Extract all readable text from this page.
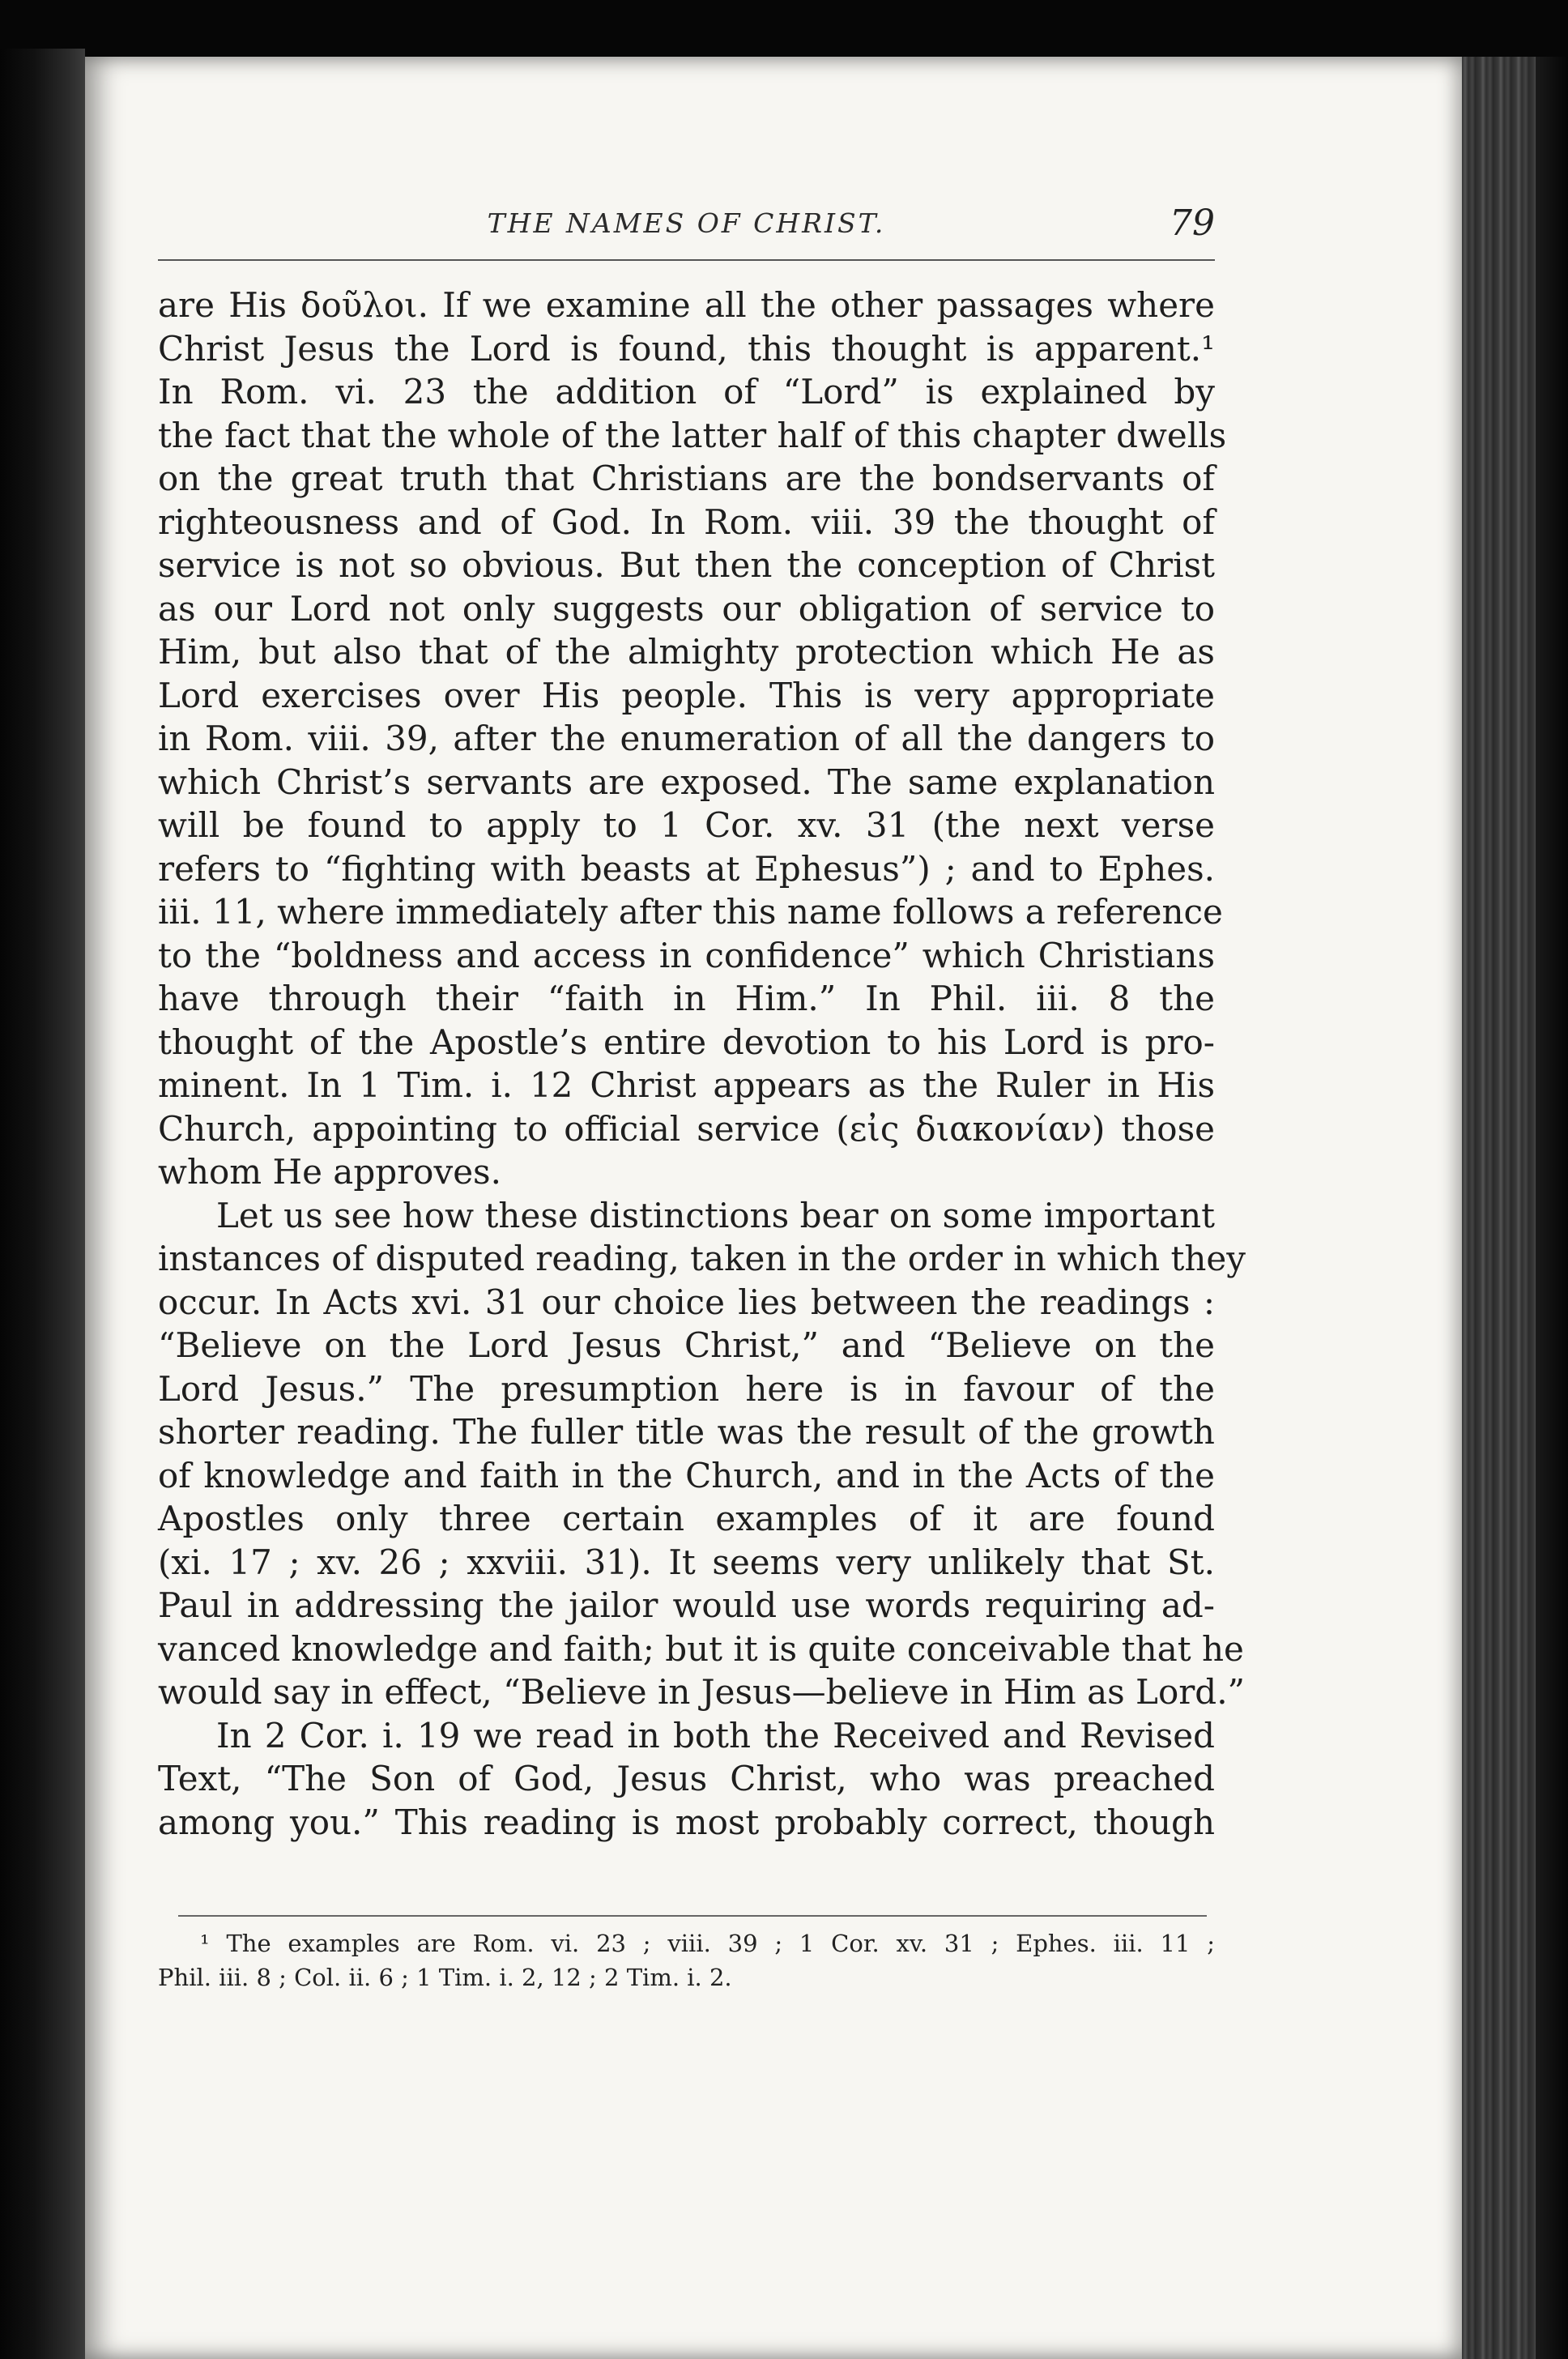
THE NAMES OF CHRIST.	79
are His δοῦλοι. If we examine all the other passages where
Christ Jesus the Lord is found, this thought is apparent.¹
In Rom. vi. 23 the addition of “Lord” is explained by
the fact that the whole of the latter half of this chapter dwells
on the great truth that Christians are the bondservants of
righteousness and of God. In Rom. viii. 39 the thought of
service is not so obvious. But then the conception of Christ
as our Lord not only suggests our obligation of service to
Him, but also that of the almighty protection which He as
Lord exercises over His people. This is very appropriate
in Rom. viii. 39, after the enumeration of all the dangers to
which Christ’s servants are exposed. The same explanation
will be found to apply to 1 Cor. xv. 31 (the next verse
refers to “fighting with beasts at Ephesus”) ; and to Ephes.
iii. 11, where immediately after this name follows a reference
to the “boldness and access in confidence” which Christians
have through their “faith in Him.” In Phil. iii. 8 the
thought of the Apostle’s entire devotion to his Lord is pro-
minent. In 1 Tim. i. 12 Christ appears as the Ruler in His
Church, appointing to official service (εἰς διακονίαν) those
whom He approves.
Let us see how these distinctions bear on some important
instances of disputed reading, taken in the order in which they
occur. In Acts xvi. 31 our choice lies between the readings :
“Believe on the Lord Jesus Christ,” and “Believe on the
Lord Jesus.” The presumption here is in favour of the
shorter reading. The fuller title was the result of the growth
of knowledge and faith in the Church, and in the Acts of the
Apostles only three certain examples of it are found
(xi. 17 ; xv. 26 ; xxviii. 31). It seems very unlikely that St.
Paul in addressing the jailor would use words requiring ad-
vanced knowledge and faith; but it is quite conceivable that he
would say in effect, “Believe in Jesus—believe in Him as Lord.”
In 2 Cor. i. 19 we read in both the Received and Revised
Text, “The Son of God, Jesus Christ, who was preached
among you.” This reading is most probably correct, though
¹ The examples are Rom. vi. 23 ; viii. 39 ; 1 Cor. xv. 31 ; Ephes. iii. 11 ;
Phil. iii. 8 ; Col. ii. 6 ; 1 Tim. i. 2, 12 ; 2 Tim. i. 2.
